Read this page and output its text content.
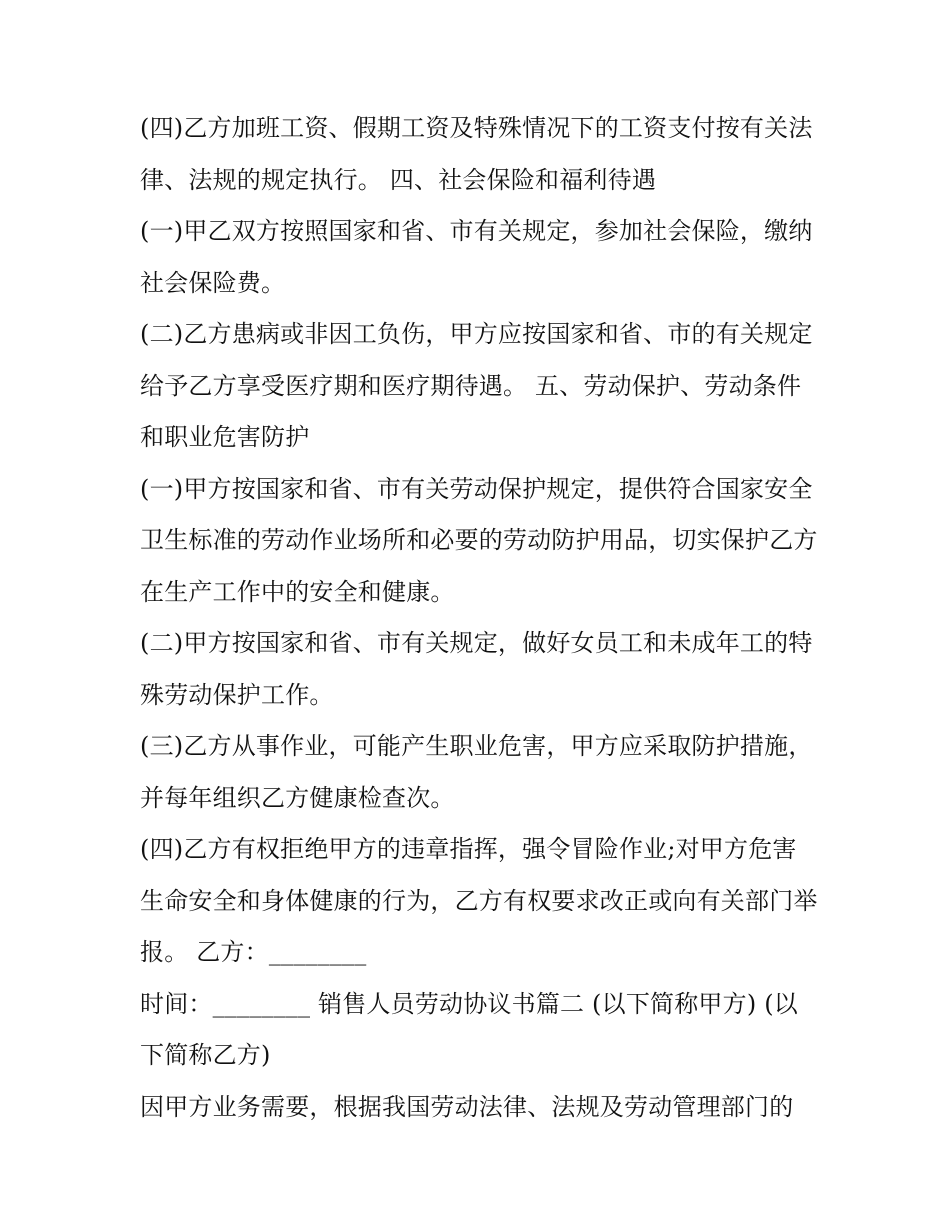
(四)乙方加班工资、假期工资及特殊情况下的工资支付按有关法律、法规的规定执行。 四、社会保险和福利待遇

(一)甲乙双方按照国家和省、市有关规定，参加社会保险，缴纳社会保险费。

(二)乙方患病或非因工负伤，甲方应按国家和省、市的有关规定给予乙方享受医疗期和医疗期待遇。 五、劳动保护、劳动条件和职业危害防护

(一)甲方按国家和省、市有关劳动保护规定，提供符合国家安全卫生标准的劳动作业场所和必要的劳动防护用品，切实保护乙方在生产工作中的安全和健康。

(二)甲方按国家和省、市有关规定，做好女员工和未成年工的特殊劳动保护工作。

(三)乙方从事作业，可能产生职业危害，甲方应采取防护措施，并每年组织乙方健康检查次。

(四)乙方有权拒绝甲方的违章指挥，强令冒险作业;对甲方危害生命安全和身体健康的行为，乙方有权要求改正或向有关部门举报。 乙方：________

时间：________ 销售人员劳动协议书篇二 (以下简称甲方) (以下简称乙方)

因甲方业务需要，根据我国劳动法律、法规及劳动管理部门的
